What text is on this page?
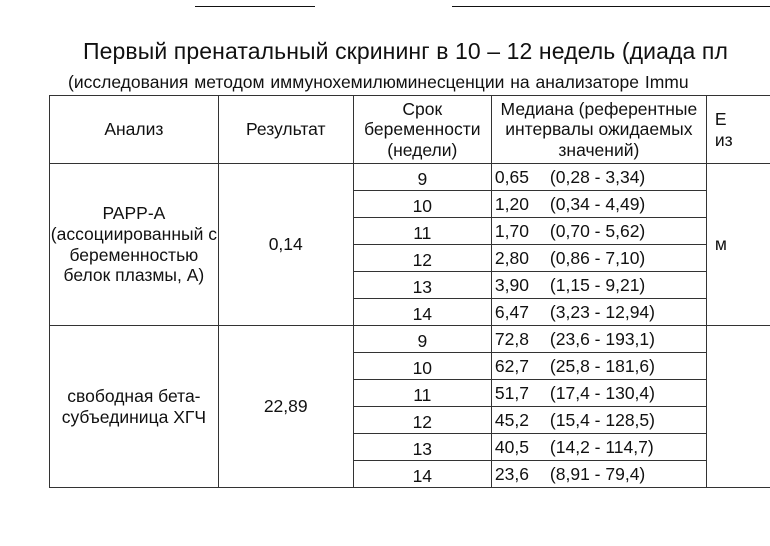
Первый пренатальный скрининг в 10 – 12 недель (диада пл
(исследования методом иммунохемилюминесценции на анализаторе Immu
Анализ	Результат	Срок беременности (недели)	Медиана (референтные интервалы ожидаемых значений)	Е
из
PAPP-A (ассоциированный с беременностью белок плазмы, А)	0,14	9	0,65 (0,28 - 3,34)	м
		10	1,20 (0,34 - 4,49)	
		11	1,70 (0,70 - 5,62)	
		12	2,80 (0,86 - 7,10)	
		13	3,90 (1,15 - 9,21)	
		14	6,47 (3,23 - 12,94)	
свободная бета-субъединица ХГЧ	22,89	9	72,8 (23,6 - 193,1)	
		10	62,7 (25,8 - 181,6)	
		11	51,7 (17,4 - 130,4)	
		12	45,2 (15,4 - 128,5)	
		13	40,5 (14,2 - 114,7)	
		14	23,6 (8,91 - 79,4)	
